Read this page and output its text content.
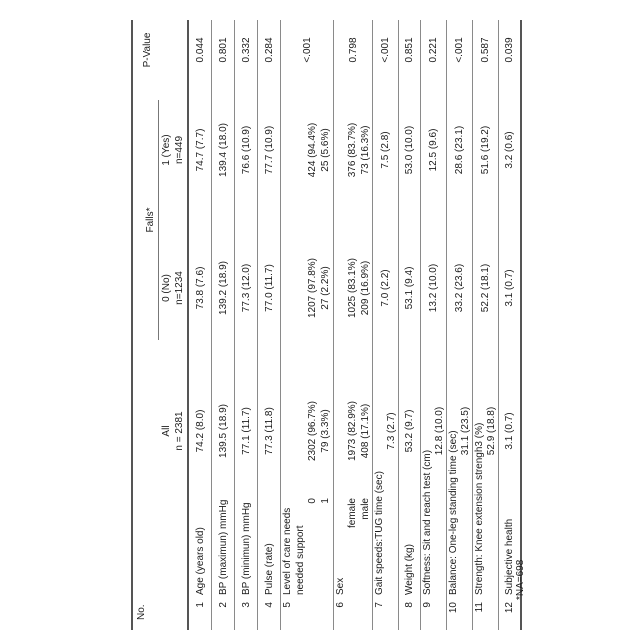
No.
Falls*
P-Value
All n = 2381
0 (No) n=1234
1 (Yes) n=449
1
Age (years old)
74.2 (8.0)
73.8 (7.6)
74.7 (7.7)
0.044
2
BP (maximun) mmHg
139.5 (18.9)
139.2 (18.9)
139.4 (18.0)
0.801
3
BP (minimun) mmHg
77.1 (11.7)
77.3 (12.0)
76.6 (10.9)
0.332
4
Pulse (rate)
77.3 (11.8)
77.0 (11.7)
77.7 (10.9)
0.284
5Level of care needs needed support
0 1
2302 (96.7%) 79 (3.3%)
1207 (97.8%) 27 (2.2%)
424 (94.4%) 25 (5.6%)
<.001
6Sex
female male
1973 (82.9%) 408 (17.1%)
1025 (83.1%) 209 (16.9%)
376 (83.7%) 73 (16.3%)
0.798
7
Gait speeds:TUG time (sec)
7.3 (2.7)
7.0 (2.2)
7.5 (2.8)
<.001
8
Weight (kg)
53.2 (9.7)
53.1 (9.4)
53.0 (10.0)
0.851
9
Softness: Sit and reach test (cm)
12.8 (10.0)
13.2 (10.0)
12.5 (9.6)
0.221
10
Balance: One-leg standing time (sec) 31.1 (23.5)
33.2 (23.6)
28.6 (23.1)
<.001
11
Strength: Knee extension strengh3 (%) 52.9 (18.8)
52.2 (18.1)
51.6 (19.2)
0.587
12
Subjective health
3.1 (0.7)
3.1 (0.7)
3.2 (0.6)
0.039
*NA=698
